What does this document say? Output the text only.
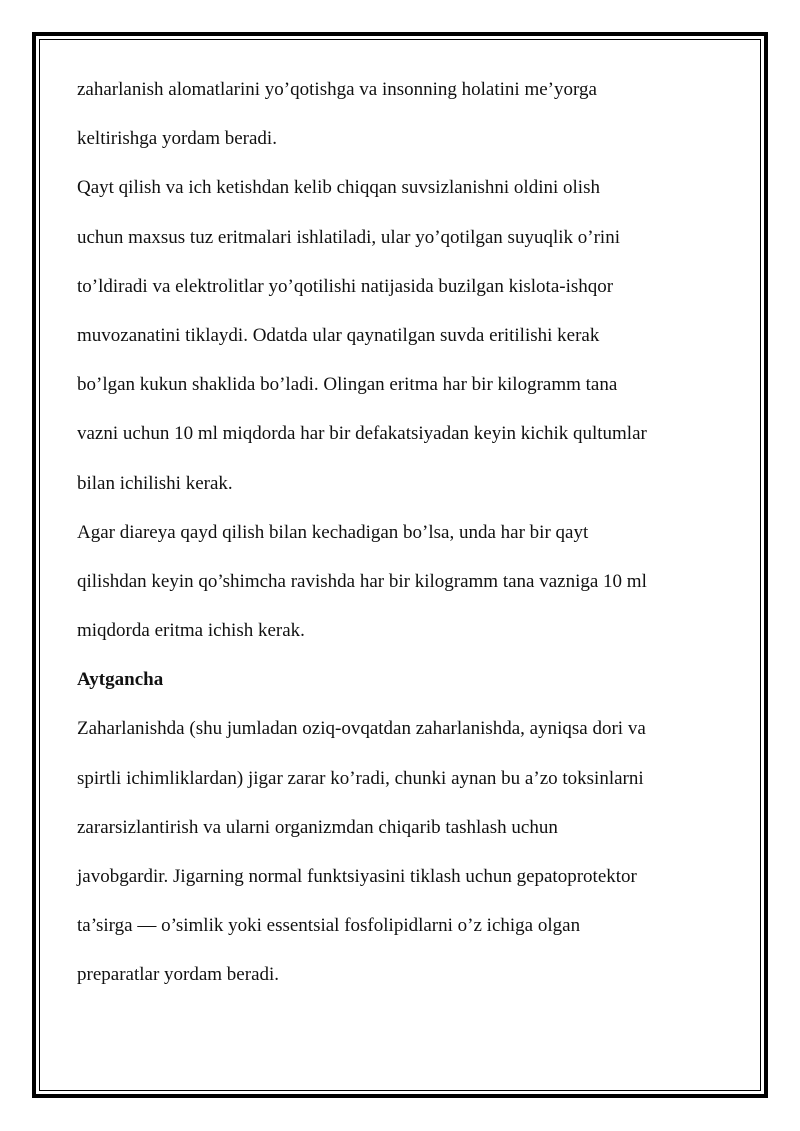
zaharlanish alomatlarini yo’qotishga va insonning holatini me’yorga
keltirishga yordam beradi.
Qayt qilish va ich ketishdan kelib chiqqan suvsizlanishni oldini olish
uchun maxsus tuz eritmalari ishlatiladi, ular yo’qotilgan suyuqlik o’rini
to’ldiradi va elektrolitlar yo’qotilishi natijasida buzilgan kislota-ishqor
muvozanatini tiklaydi. Odatda ular qaynatilgan suvda eritilishi kerak
bo’lgan kukun shaklida bo’ladi. Olingan eritma har bir kilogramm tana
vazni uchun 10 ml miqdorda har bir defakatsiyadan keyin kichik qultumlar
bilan ichilishi kerak.
Agar diareya qayd qilish bilan kechadigan bo’lsa, unda har bir qayt
qilishdan keyin qo’shimcha ravishda har bir kilogramm tana vazniga 10 ml
miqdorda eritma ichish kerak.
Aytgancha
Zaharlanishda (shu jumladan oziq-ovqatdan zaharlanishda, ayniqsa dori va
spirtli ichimliklardan) jigar zarar ko’radi, chunki aynan bu a’zo toksinlarni
zararsizlantirish va ularni organizmdan chiqarib tashlash uchun
javobgardir. Jigarning normal funktsiyasini tiklash uchun gepatoprotektor
ta’sirga — o’simlik yoki essentsial fosfolipidlarni o’z ichiga olgan
preparatlar yordam beradi.
